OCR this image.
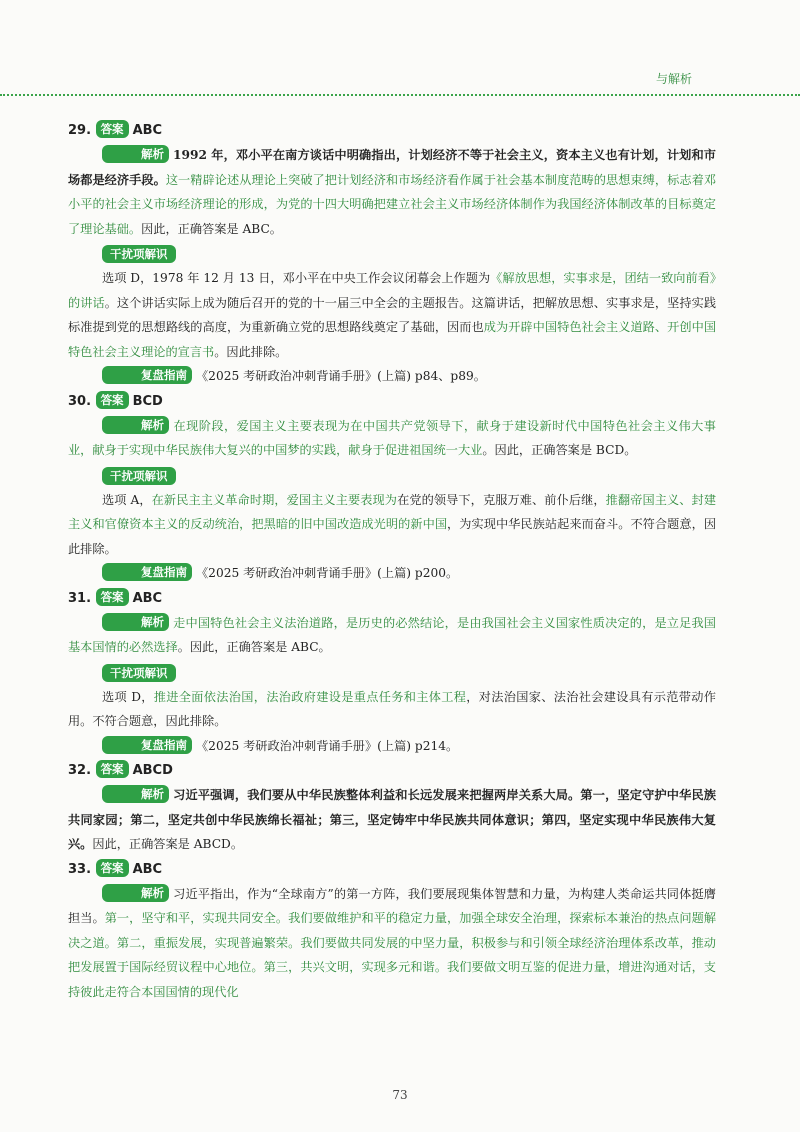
与解析
29. 答案 ABC

解析 1992 年，邓小平在南方谈话中明确指出，计划经济不等于社会主义，资本主义也有计划，计划和市场都是经济手段。这一精辟论述从理论上突破了把计划经济和市场经济看作属于社会基本制度范畴的思想束缚，标志着邓小平的社会主义市场经济理论的形成，为党的十四大明确把建立社会主义市场经济体制作为我国经济体制改革的目标奠定了理论基础。因此，正确答案是 ABC。

干扰项解识

选项 D，1978 年 12 月 13 日，邓小平在中央工作会议闭幕会上作题为《解放思想，实事求是，团结一致向前看》的讲话。这个讲话实际上成为随后召开的党的十一届三中全会的主题报告。这篇讲话，把解放思想、实事求是，坚持实践标准提到党的思想路线的高度，为重新确立党的思想路线奠定了基础，因而也成为开辟中国特色社会主义道路、开创中国特色社会主义理论的宣言书。因此排除。

复盘指南 《2025 考研政治冲刺背诵手册》(上篇) p84、p89。

30. 答案 BCD

解析 在现阶段，爱国主义主要表现为在中国共产党领导下，献身于建设新时代中国特色社会主义伟大事业，献身于实现中华民族伟大复兴的中国梦的实践，献身于促进祖国统一大业。因此，正确答案是 BCD。

干扰项解识

选项 A，在新民主主义革命时期，爱国主义主要表现为在党的领导下，克服万难、前仆后继，推翻帝国主义、封建主义和官僚资本主义的反动统治，把黑暗的旧中国改造成光明的新中国，为实现中华民族站起来而奋斗。不符合题意，因此排除。

复盘指南 《2025 考研政治冲刺背诵手册》(上篇) p200。

31. 答案 ABC

解析 走中国特色社会主义法治道路，是历史的必然结论，是由我国社会主义国家性质决定的，是立足我国基本国情的必然选择。因此，正确答案是 ABC。

干扰项解识

选项 D，推进全面依法治国，法治政府建设是重点任务和主体工程，对法治国家、法治社会建设具有示范带动作用。不符合题意，因此排除。

复盘指南 《2025 考研政治冲刺背诵手册》(上篇) p214。

32. 答案 ABCD

解析 习近平强调，我们要从中华民族整体利益和长远发展来把握两岸关系大局。第一，坚定守护中华民族共同家园；第二，坚定共创中华民族绵长福祉；第三，坚定铸牢中华民族共同体意识；第四，坚定实现中华民族伟大复兴。因此，正确答案是 ABCD。

33. 答案 ABC

解析 习近平指出，作为“全球南方”的第一方阵，我们要展现集体智慧和力量，为构建人类命运共同体挺膺担当。第一，坚守和平，实现共同安全。我们要做维护和平的稳定力量，加强全球安全治理，探索标本兼治的热点问题解决之道。第二，重振发展，实现普遍繁荣。我们要做共同发展的中坚力量，积极参与和引领全球经济治理体系改革，推动把发展置于国际经贸议程中心地位。第三，共兴文明，实现多元和谐。我们要做文明互鉴的促进力量，增进沟通对话，支持彼此走符合本国国情的现代化

73
